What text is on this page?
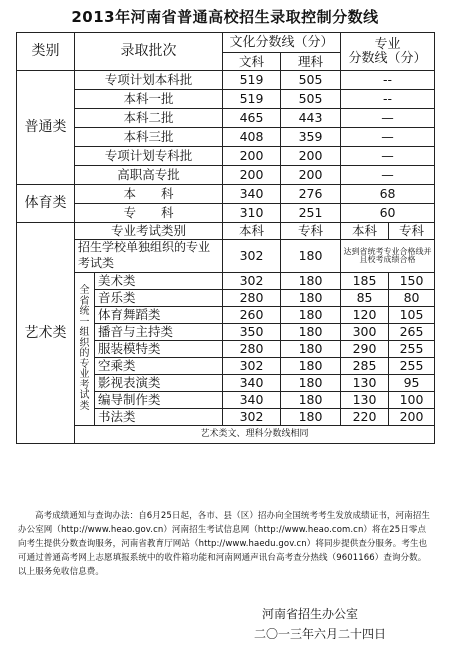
2013年河南省普通高校招生录取控制分数线
类别	录取批次		文化分数线（分）		专业
分数线（分）	
			文科	理科		
普通类	专项计划本科批		519	505	--	
	本科一批		519	505	--	
	本科二批		465	443	—	
	本科三批		408	359	—	
	专项计划专科批		200	200	—	
	高职高专批		200	200	—	
体育类	本　　科		340	276	68	
	专　　科		310	251	60	
艺术类	专业考试类别		本科	专科	本科	专科
	招生学校单独组织的专业考试类		302	180	达到省统考专业合格线并且校考成绩合格	
	全省统一组织的专业考试类	美术类	302	180	185	150
		音乐类	280	180	85	80
		体育舞蹈类	260	180	120	105
		播音与主持类	350	180	300	265
		服装模特类	280	180	290	255
		空乘类	302	180	285	255
		影视表演类	340	180	130	95
		编导制作类	340	180	130	100
		书法类	302	180	220	200
	艺术类文、理科分数线相同					

高考成绩通知与查询办法：自6月25日起，各市、县（区）招办向全国统考考生发放成绩证书，河南招生办公室网（http://www.heao.gov.cn）河南招生考试信息网（http://www.heao.com.cn）将在25日零点向考生提供分数查询服务，河南省教育厅网站（http://www.haedu.gov.cn）将同步提供查分服务。考生也可通过普通高考网上志愿填报系统中的收件箱功能和河南网通声讯台高考查分热线（9601166）查询分数。以上服务免收信息费。

河南省招生办公室
二〇一三年六月二十四日
